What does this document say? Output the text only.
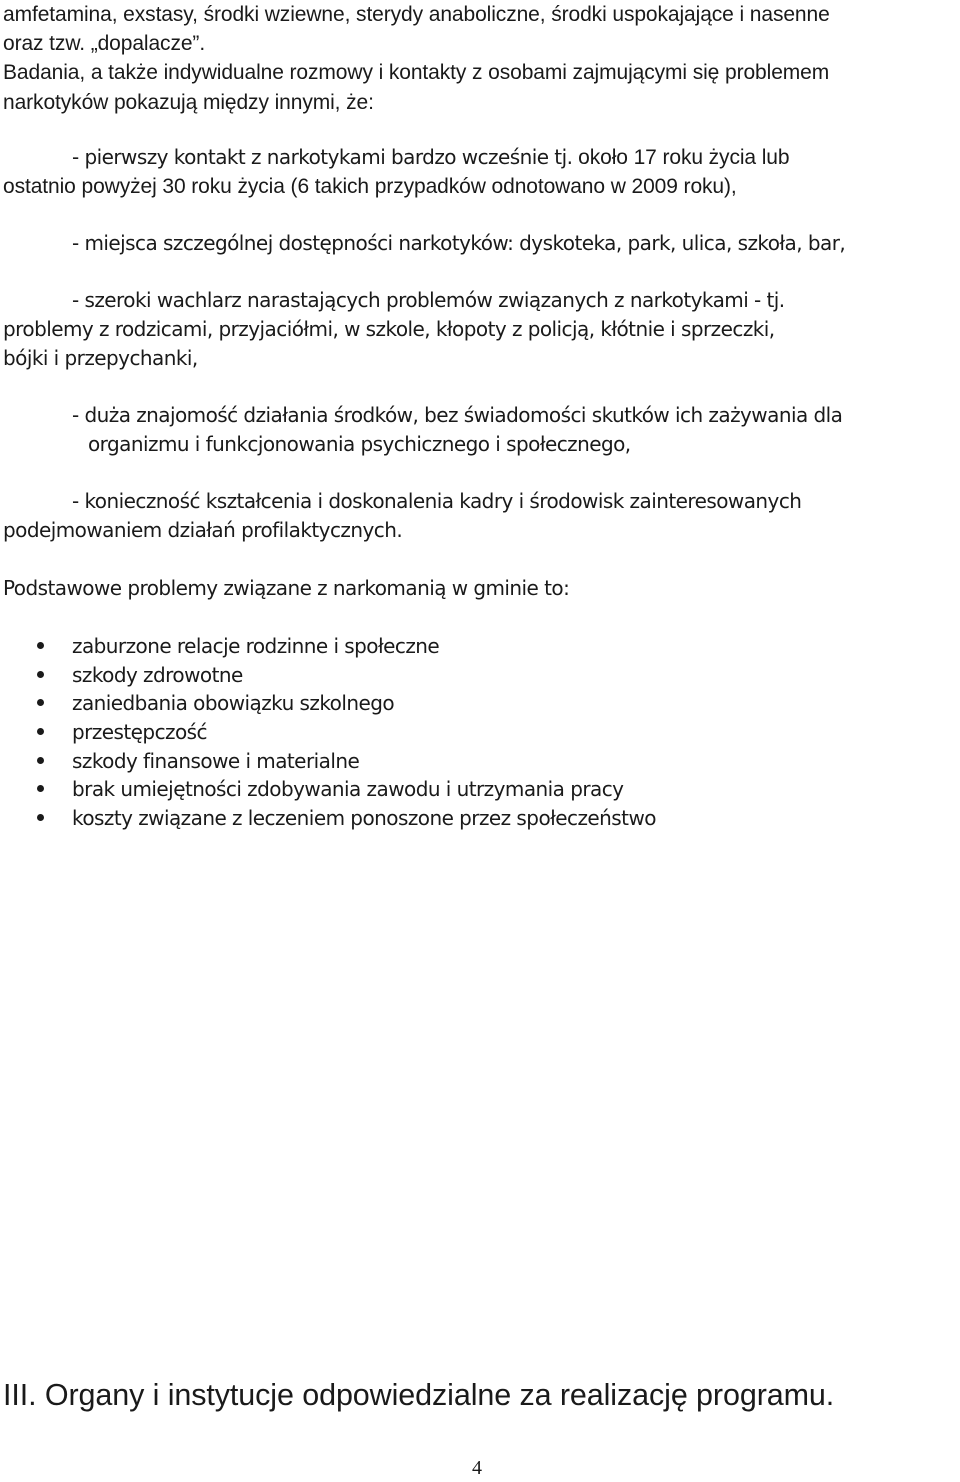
amfetamina, exstasy, środki wziewne, sterydy anaboliczne, środki uspokajające i nasenne
oraz tzw. „dopalacze”.
Badania, a także indywidualne rozmowy i kontakty z osobami zajmującymi się problemem
narkotyków pokazują między innymi, że:
- pierwszy kontakt z narkotykami bardzo wcześnie tj. około 17 roku życia lub
ostatnio powyżej 30 roku życia (6 takich przypadków odnotowano w 2009 roku),
- miejsca szczególnej dostępności narkotyków: dyskoteka, park, ulica, szkoła, bar,
- szeroki wachlarz narastających problemów związanych z narkotykami - tj.
problemy z rodzicami, przyjaciółmi, w szkole, kłopoty z policją, kłótnie i sprzeczki,
bójki i przepychanki,
- duża znajomość działania środków, bez świadomości skutków ich zażywania dla
organizmu i funkcjonowania psychicznego i społecznego,
- konieczność kształcenia i doskonalenia kadry i środowisk zainteresowanych
podejmowaniem działań profilaktycznych.
Podstawowe problemy związane z narkomanią w gminie to:
zaburzone relacje rodzinne i społeczne
szkody zdrowotne
zaniedbania obowiązku szkolnego
przestępczość
szkody finansowe i materialne
brak umiejętności zdobywania zawodu i utrzymania pracy
koszty związane z leczeniem ponoszone przez społeczeństwo
III. Organy i instytucje odpowiedzialne za realizację programu.
4
